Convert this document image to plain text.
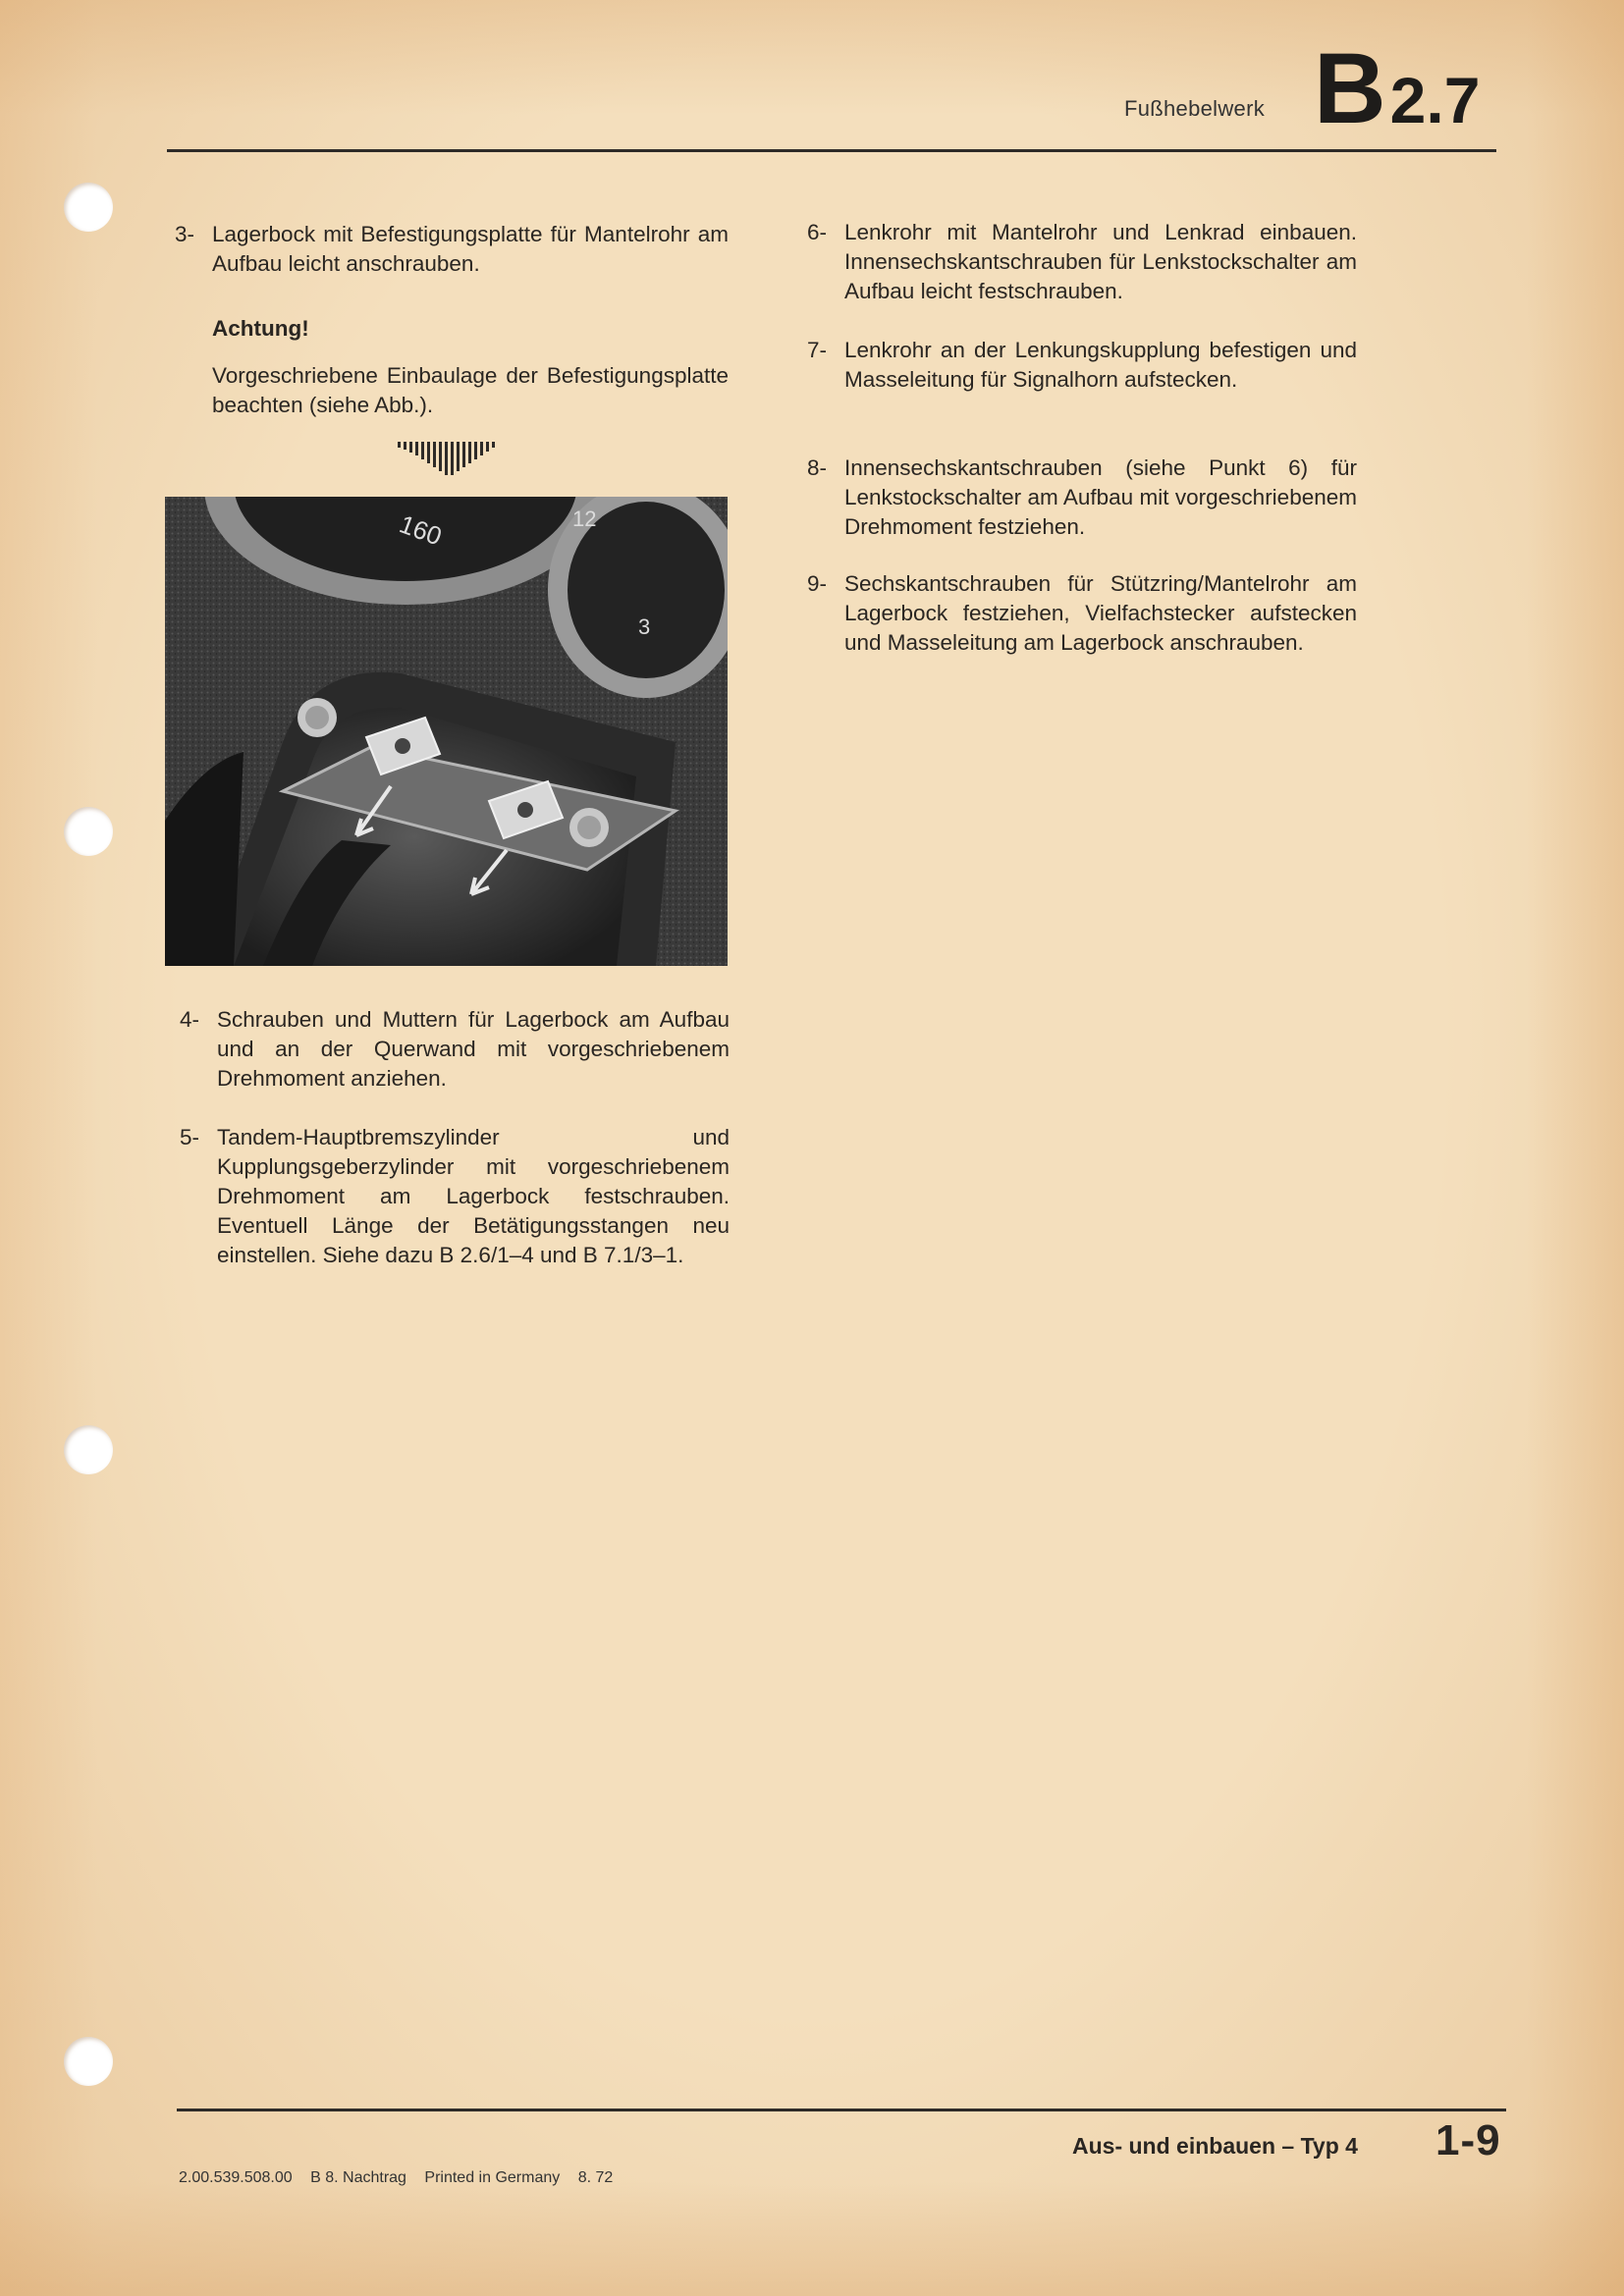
Fußhebelwerk B2.7
3- Lagerbock mit Befestigungsplatte für Mantelrohr am Aufbau leicht anschrauben.
Achtung!
Vorgeschriebene Einbaulage der Befestigungsplatte beachten (siehe Abb.).
160	12
3
4- Schrauben und Muttern für Lagerbock am Aufbau und an der Querwand mit vorgeschriebenem Drehmoment anziehen.
5- Tandem-Hauptbremszylinder und Kupplungsgeberzylinder mit vorgeschriebenem Drehmoment am Lagerbock festschrauben. Eventuell Länge der Betätigungsstangen neu einstellen. Siehe dazu B 2.6/1–4 und B 7.1/3–1.
6- Lenkrohr mit Mantelrohr und Lenkrad einbauen. Innensechskantschrauben für Lenkstockschalter am Aufbau leicht festschrauben.
7- Lenkrohr an der Lenkungskupplung befestigen und Masseleitung für Signalhorn aufstecken.
8- Innensechskantschrauben (siehe Punkt 6) für Lenkstockschalter am Aufbau mit vorgeschriebenem Drehmoment festziehen.
9- Sechskantschrauben für Stützring/Mantelrohr am Lagerbock festziehen, Vielfachstecker aufstecken und Masseleitung am Lagerbock anschrauben.
Aus- und einbauen – Typ 4 1-9
2.00.539.508.00 B 8. Nachtrag Printed in Germany 8. 72
